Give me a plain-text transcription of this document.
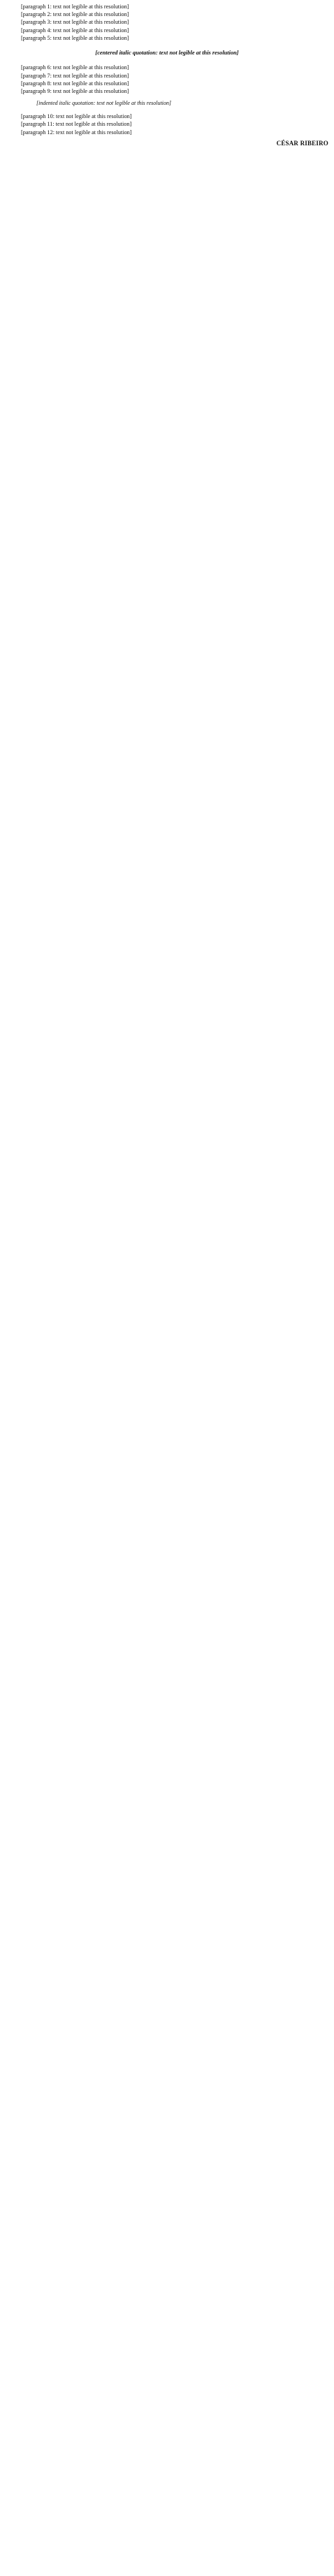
[paragraph 1: text not legible at this resolution]

[paragraph 2: text not legible at this resolution]

[paragraph 3: text not legible at this resolution]

[paragraph 4: text not legible at this resolution]

[paragraph 5: text not legible at this resolution]

[centered italic quotation: text not legible at this resolution]

[paragraph 6: text not legible at this resolution]

[paragraph 7: text not legible at this resolution]

[paragraph 8: text not legible at this resolution]

[paragraph 9: text not legible at this resolution]

[indented italic quotation: text not legible at this resolution]

[paragraph 10: text not legible at this resolution]

[paragraph 11: text not legible at this resolution]

[paragraph 12: text not legible at this resolution]

CÉSAR RIBEIRO
